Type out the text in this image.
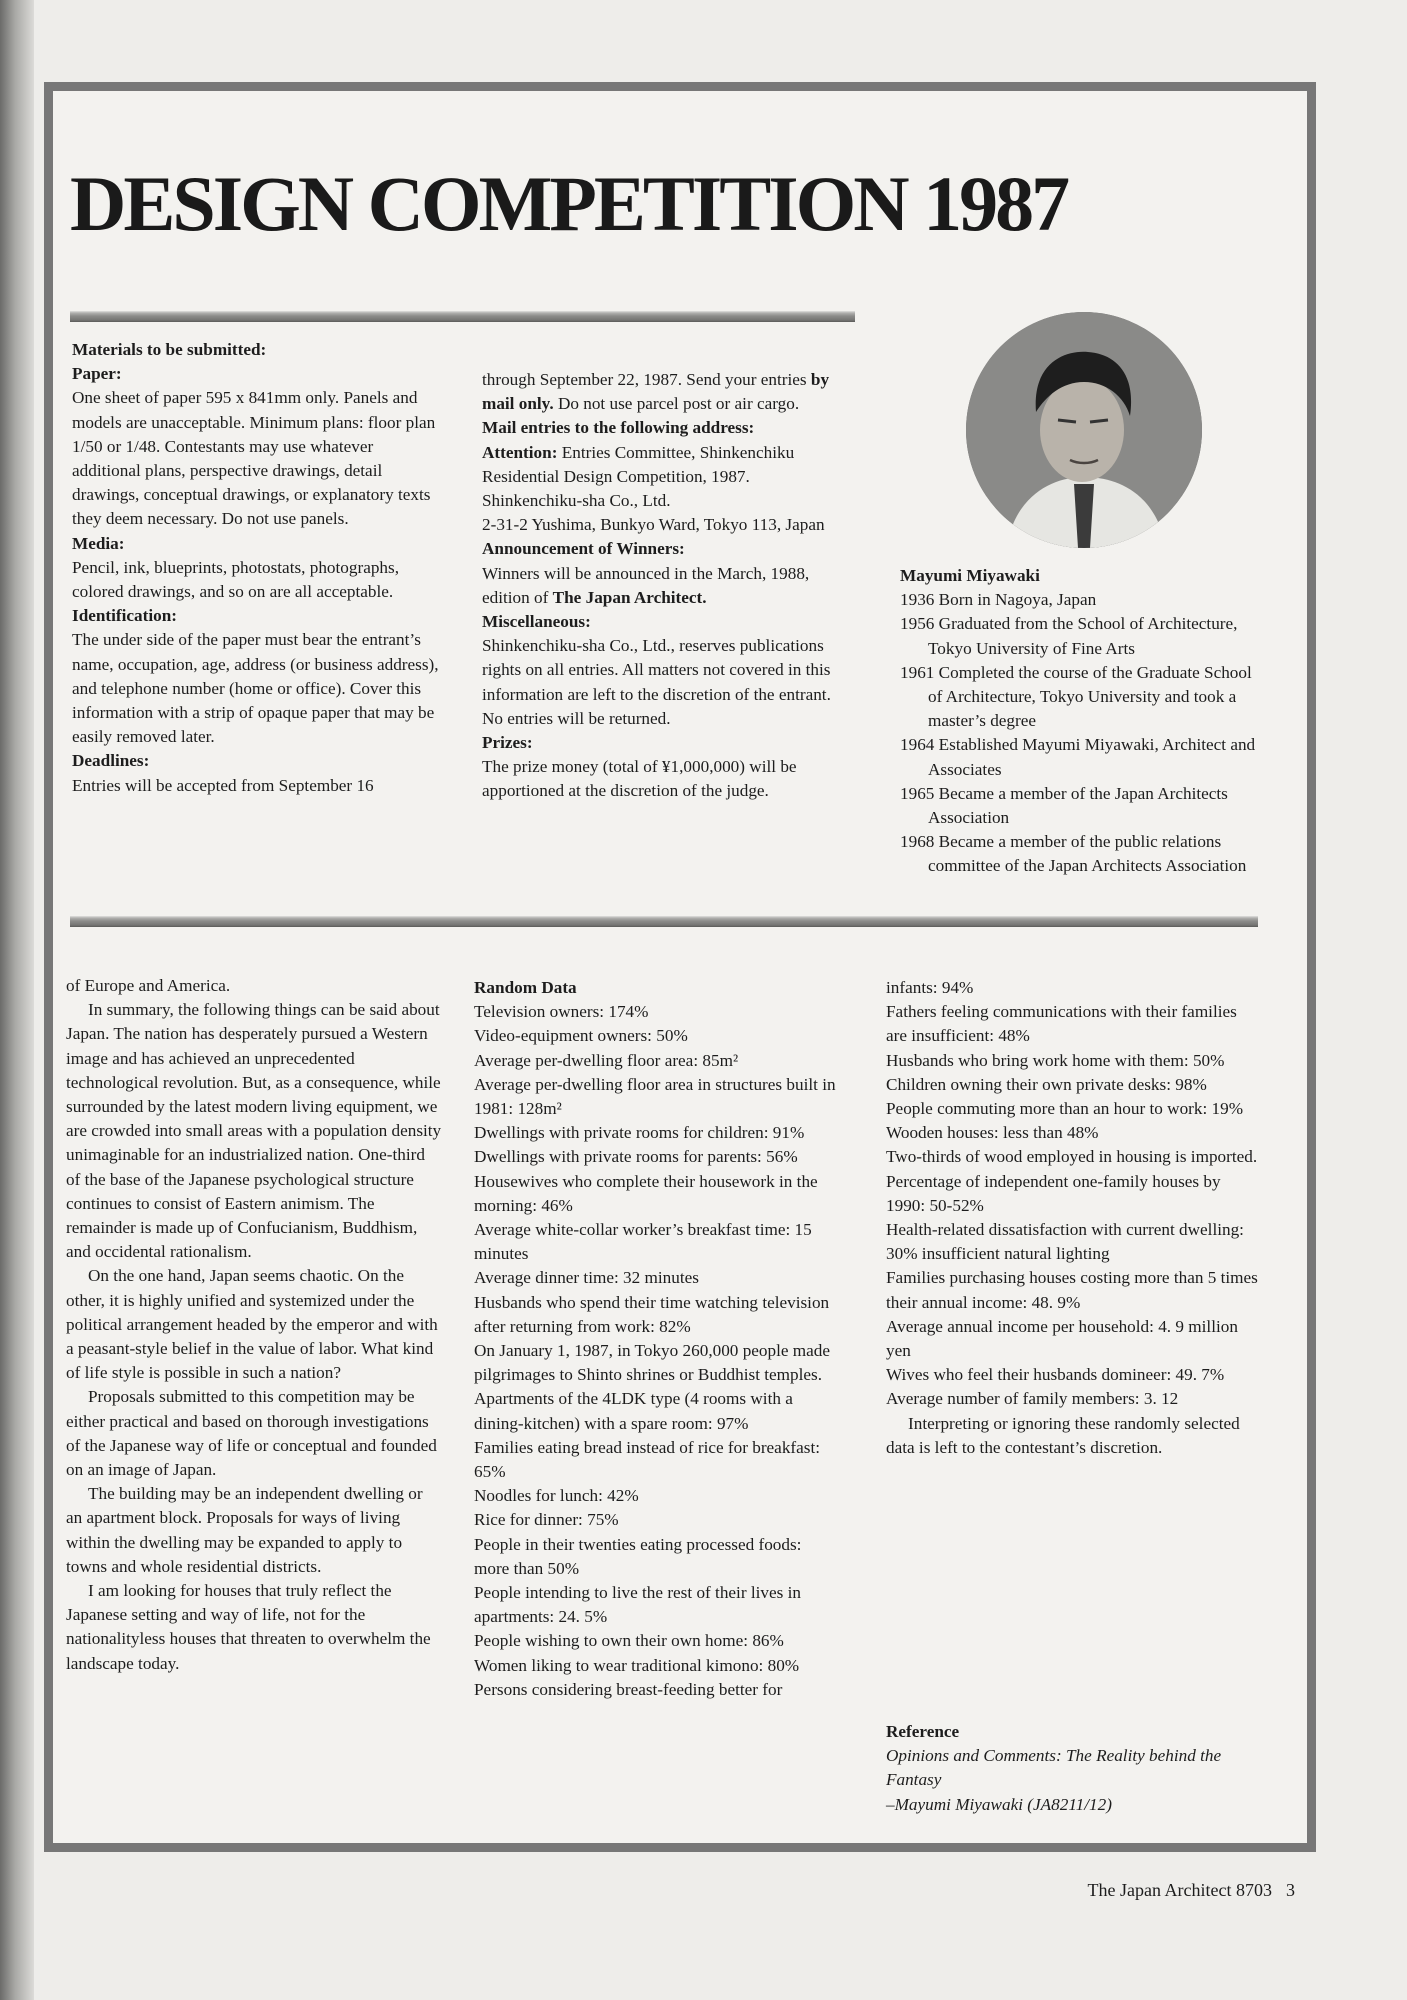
DESIGN COMPETITION 1987

Materials to be submitted:

Paper:

One sheet of paper 595 x 841mm only. Panels and models are unacceptable. Minimum plans: floor plan 1/50 or 1/48. Contestants may use whatever additional plans, perspective drawings, detail drawings, conceptual drawings, or explanatory texts they deem necessary. Do not use panels.

Media:

Pencil, ink, blueprints, photostats, photographs, colored drawings, and so on are all acceptable.

Identification:

The under side of the paper must bear the entrant’s name, occupation, age, address (or business address), and telephone number (home or office). Cover this information with a strip of opaque paper that may be easily removed later.

Deadlines:

Entries will be accepted from September 16

through September 22, 1987. Send your entries by mail only. Do not use parcel post or air cargo.

Mail entries to the following address:

Attention: Entries Committee, Shinkenchiku Residential Design Competition, 1987.

Shinkenchiku-sha Co., Ltd.

2-31-2 Yushima, Bunkyo Ward, Tokyo 113, Japan

Announcement of Winners:

Winners will be announced in the March, 1988, edition of The Japan Architect.

Miscellaneous:

Shinkenchiku-sha Co., Ltd., reserves publications rights on all entries. All matters not covered in this information are left to the discretion of the entrant. No entries will be returned.

Prizes:

The prize money (total of ¥1,000,000) will be apportioned at the discretion of the judge.

Mayumi Miyawaki

1936 Born in Nagoya, Japan

1956 Graduated from the School of Architecture, Tokyo University of Fine Arts

1961 Completed the course of the Graduate School of Architecture, Tokyo University and took a master’s degree

1964 Established Mayumi Miyawaki, Architect and Associates

1965 Became a member of the Japan Architects Association

1968 Became a member of the public relations committee of the Japan Architects Association

of Europe and America.

In summary, the following things can be said about Japan. The nation has desperately pursued a Western image and has achieved an unprecedented technological revolution. But, as a consequence, while surrounded by the latest modern living equipment, we are crowded into small areas with a population density unimaginable for an industrialized nation. One-third of the base of the Japanese psychological structure continues to consist of Eastern animism. The remainder is made up of Confucianism, Buddhism, and occidental rationalism.

On the one hand, Japan seems chaotic. On the other, it is highly unified and systemized under the political arrangement headed by the emperor and with a peasant-style belief in the value of labor. What kind of life style is possible in such a nation?

Proposals submitted to this competition may be either practical and based on thorough investigations of the Japanese way of life or conceptual and founded on an image of Japan.

The building may be an independent dwelling or an apartment block. Proposals for ways of living within the dwelling may be expanded to apply to towns and whole residential districts.

I am looking for houses that truly reflect the Japanese setting and way of life, not for the nationalityless houses that threaten to overwhelm the landscape today.

Random Data

Television owners: 174%

Video-equipment owners: 50%

Average per-dwelling floor area: 85m²

Average per-dwelling floor area in structures built in 1981: 128m²

Dwellings with private rooms for children: 91%

Dwellings with private rooms for parents: 56%

Housewives who complete their housework in the morning: 46%

Average white-collar worker’s breakfast time: 15 minutes

Average dinner time: 32 minutes

Husbands who spend their time watching television after returning from work: 82%

On January 1, 1987, in Tokyo 260,000 people made pilgrimages to Shinto shrines or Buddhist temples.

Apartments of the 4LDK type (4 rooms with a dining-kitchen) with a spare room: 97%

Families eating bread instead of rice for breakfast: 65%

Noodles for lunch: 42%

Rice for dinner: 75%

People in their twenties eating processed foods: more than 50%

People intending to live the rest of their lives in apartments: 24. 5%

People wishing to own their own home: 86%

Women liking to wear traditional kimono: 80%

Persons considering breast-feeding better for

infants: 94%

Fathers feeling communications with their families are insufficient: 48%

Husbands who bring work home with them: 50%

Children owning their own private desks: 98%

People commuting more than an hour to work: 19%

Wooden houses: less than 48%

Two-thirds of wood employed in housing is imported.

Percentage of independent one-family houses by 1990: 50-52%

Health-related dissatisfaction with current dwelling: 30% insufficient natural lighting

Families purchasing houses costing more than 5 times their annual income: 48. 9%

Average annual income per household: 4. 9 million yen

Wives who feel their husbands domineer: 49. 7%

Average number of family members: 3. 12

Interpreting or ignoring these randomly selected data is left to the contestant’s discretion.

Reference

Opinions and Comments: The Reality behind the Fantasy

–Mayumi Miyawaki (JA8211/12)

The Japan Architect 8703 3
